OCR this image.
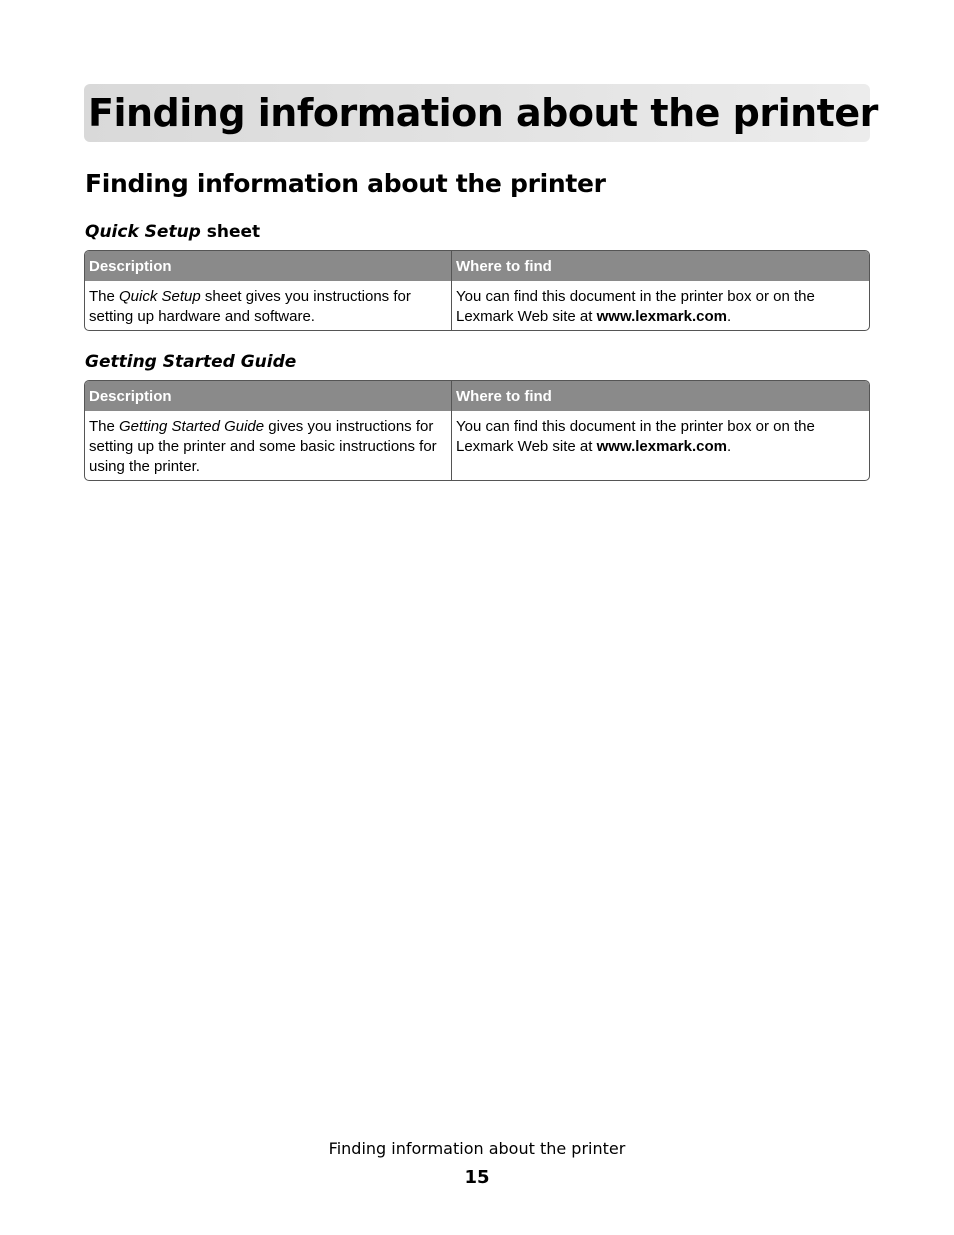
Finding information about the printer
Finding information about the printer
Quick Setup sheet
Description	Where to find
The Quick Setup sheet gives you instructions for setting up hardware and software.
You can find this document in the printer box or on the Lexmark Web site at www.lexmark.com.
Getting Started Guide
Description	Where to find
The Getting Started Guide gives you instructions for setting up the printer and some basic instructions for using the printer.
You can find this document in the printer box or on the Lexmark Web site at www.lexmark.com.
Finding information about the printer
15
